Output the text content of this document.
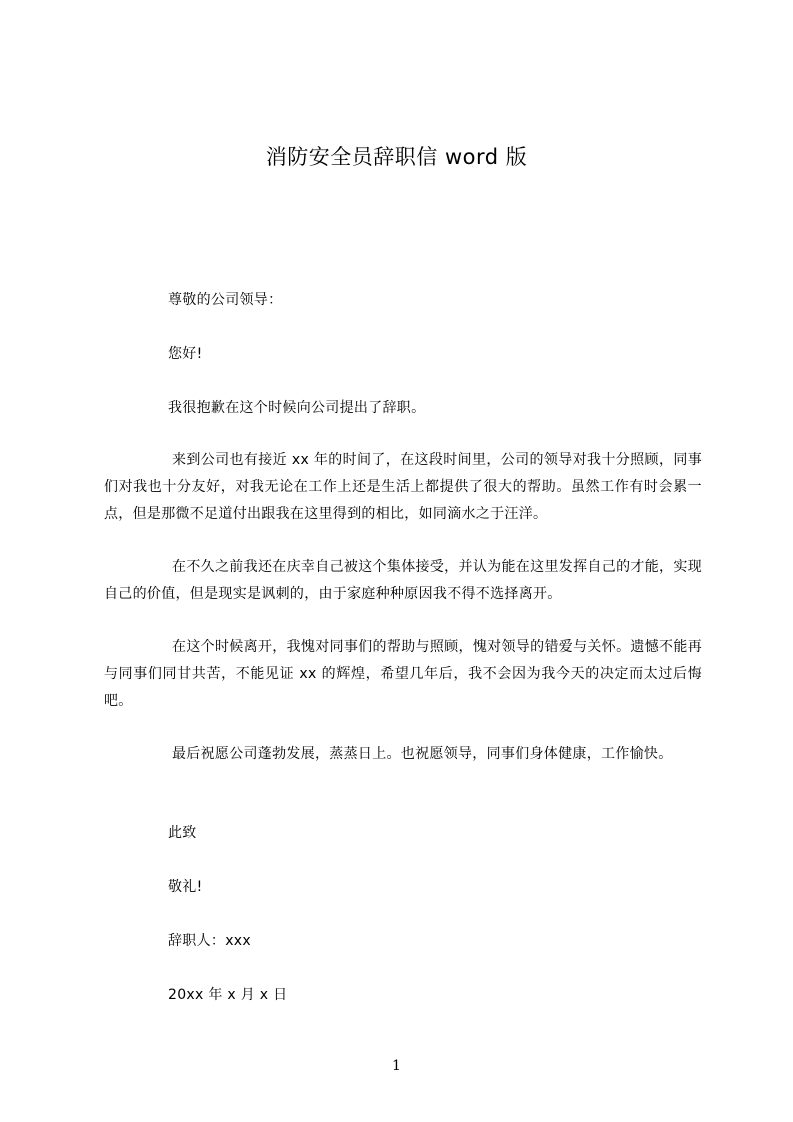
消防安全员辞职信 word 版
尊敬的公司领导：
您好!
我很抱歉在这个时候向公司提出了辞职。
来到公司也有接近 xx 年的时间了，在这段时间里，公司的领导对我十分照顾，同事们对我也十分友好，对我无论在工作上还是生活上都提供了很大的帮助。虽然工作有时会累一点，但是那微不足道付出跟我在这里得到的相比，如同滴水之于汪洋。
在不久之前我还在庆幸自己被这个集体接受，并认为能在这里发挥自己的才能，实现自己的价值，但是现实是讽刺的，由于家庭种种原因我不得不选择离开。
在这个时候离开，我愧对同事们的帮助与照顾，愧对领导的错爱与关怀。遗憾不能再与同事们同甘共苦，不能见证 xx 的辉煌，希望几年后，我不会因为我今天的决定而太过后悔吧。
最后祝愿公司蓬勃发展，蒸蒸日上。也祝愿领导，同事们身体健康，工作愉快。
此致
敬礼!
辞职人：xxx
20xx 年 x 月 x 日
1
